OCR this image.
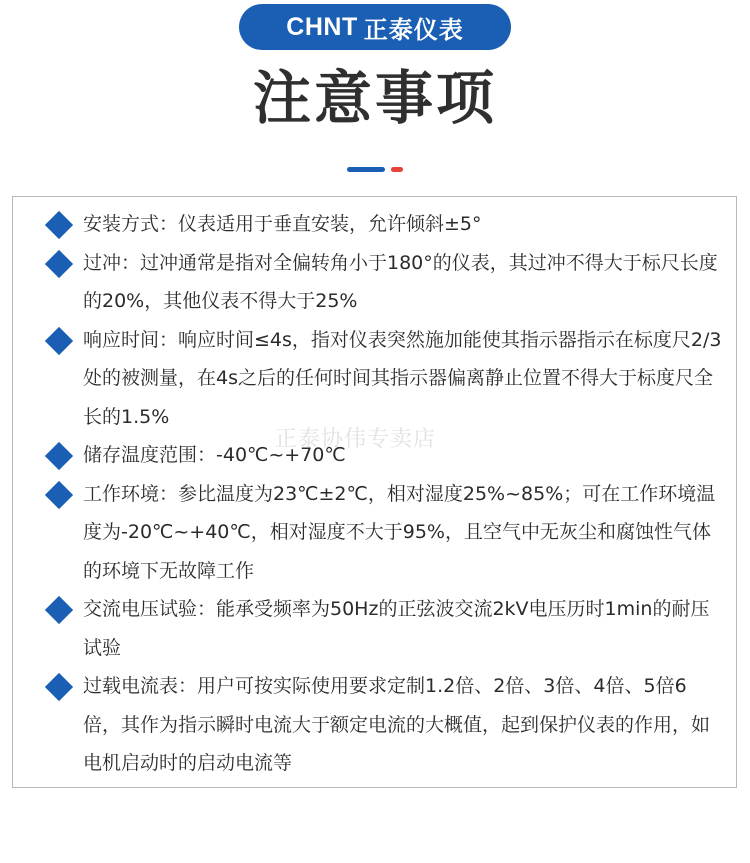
CHNT 正泰仪表
注意事项
安装方式：仪表适用于垂直安装，允许倾斜±5°
过冲：过冲通常是指对全偏转角小于180°的仪表，其过冲不得大于标尺长度的20%，其他仪表不得大于25%
响应时间：响应时间≤4s，指对仪表突然施加能使其指示器指示在标度尺2/3处的被测量，在4s之后的任何时间其指示器偏离静止位置不得大于标度尺全长的1.5%
储存温度范围：-40℃~+70℃
工作环境：参比温度为23℃±2℃，相对湿度25%~85%；可在工作环境温度为-20℃~+40℃，相对湿度不大于95%，且空气中无灰尘和腐蚀性气体的环境下无故障工作
交流电压试验：能承受频率为50Hz的正弦波交流2kV电压历时1min的耐压试验
过载电流表：用户可按实际使用要求定制1.2倍、2倍、3倍、4倍、5倍6倍，其作为指示瞬时电流大于额定电流的大概值，起到保护仪表的作用，如电机启动时的启动电流等
正泰协伟专卖店
